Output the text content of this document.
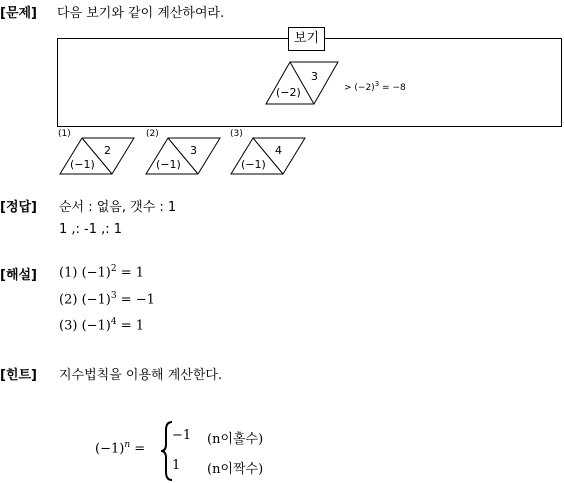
[문제] 다음 보기와 같이 계산하여라.
보기
(−2)
3
> $(-2)^3 = -8$
(1)
(−1)
2
(2)
(−1)
3
(3)
(−1)
4
[정답] 순서 : 없음, 갯수 : 1
1 ,: -1 ,: 1
[해설] (1) $(-1)^2 = 1$
(2) $(-1)^3 = -1$
(3) $(-1)^4 = 1$
[힌트] 지수법칙을 이용해 계산한다.
$(-1)^n$ =
−1 (n이홀수)
1 (n이짝수)
